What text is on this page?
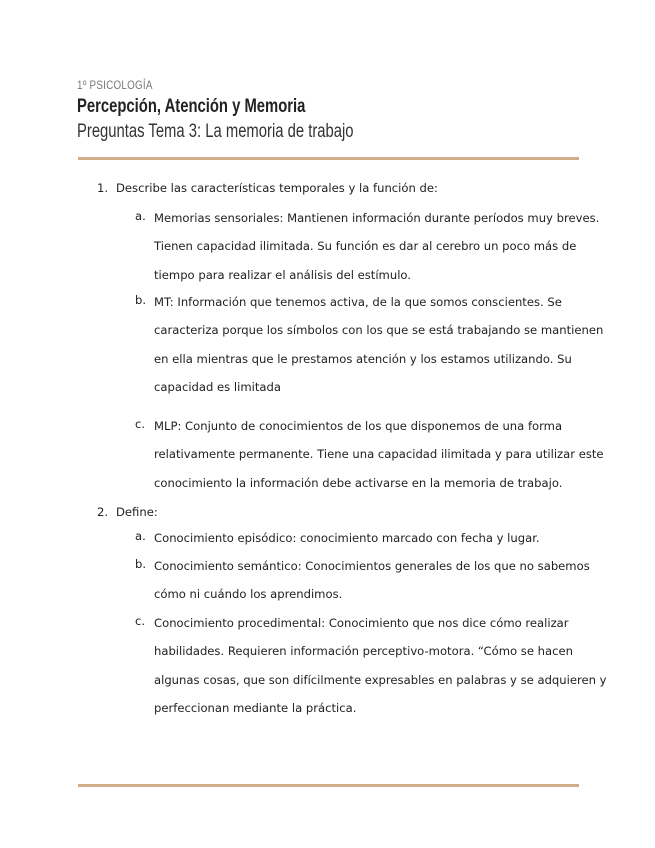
1º PSICOLOGÍA
Percepción, Atención y Memoria
Preguntas Tema 3: La memoria de trabajo
1. Describe las características temporales y la función de:
a. Memorias sensoriales: Mantienen información durante períodos muy breves.
Tienen capacidad ilimitada. Su función es dar al cerebro un poco más de
tiempo para realizar el análisis del estímulo.
b. MT: Información que tenemos activa, de la que somos conscientes. Se
caracteriza porque los símbolos con los que se está trabajando se mantienen
en ella mientras que le prestamos atención y los estamos utilizando. Su
capacidad es limitada
c. MLP: Conjunto de conocimientos de los que disponemos de una forma
relativamente permanente. Tiene una capacidad ilimitada y para utilizar este
conocimiento la información debe activarse en la memoria de trabajo.
2. Define:
a. Conocimiento episódico: conocimiento marcado con fecha y lugar.
b. Conocimiento semántico: Conocimientos generales de los que no sabemos
cómo ni cuándo los aprendimos.
c. Conocimiento procedimental: Conocimiento que nos dice cómo realizar
habilidades. Requieren información perceptivo-motora. “Cómo se hacen
algunas cosas, que son difícilmente expresables en palabras y se adquieren y
perfeccionan mediante la práctica.
